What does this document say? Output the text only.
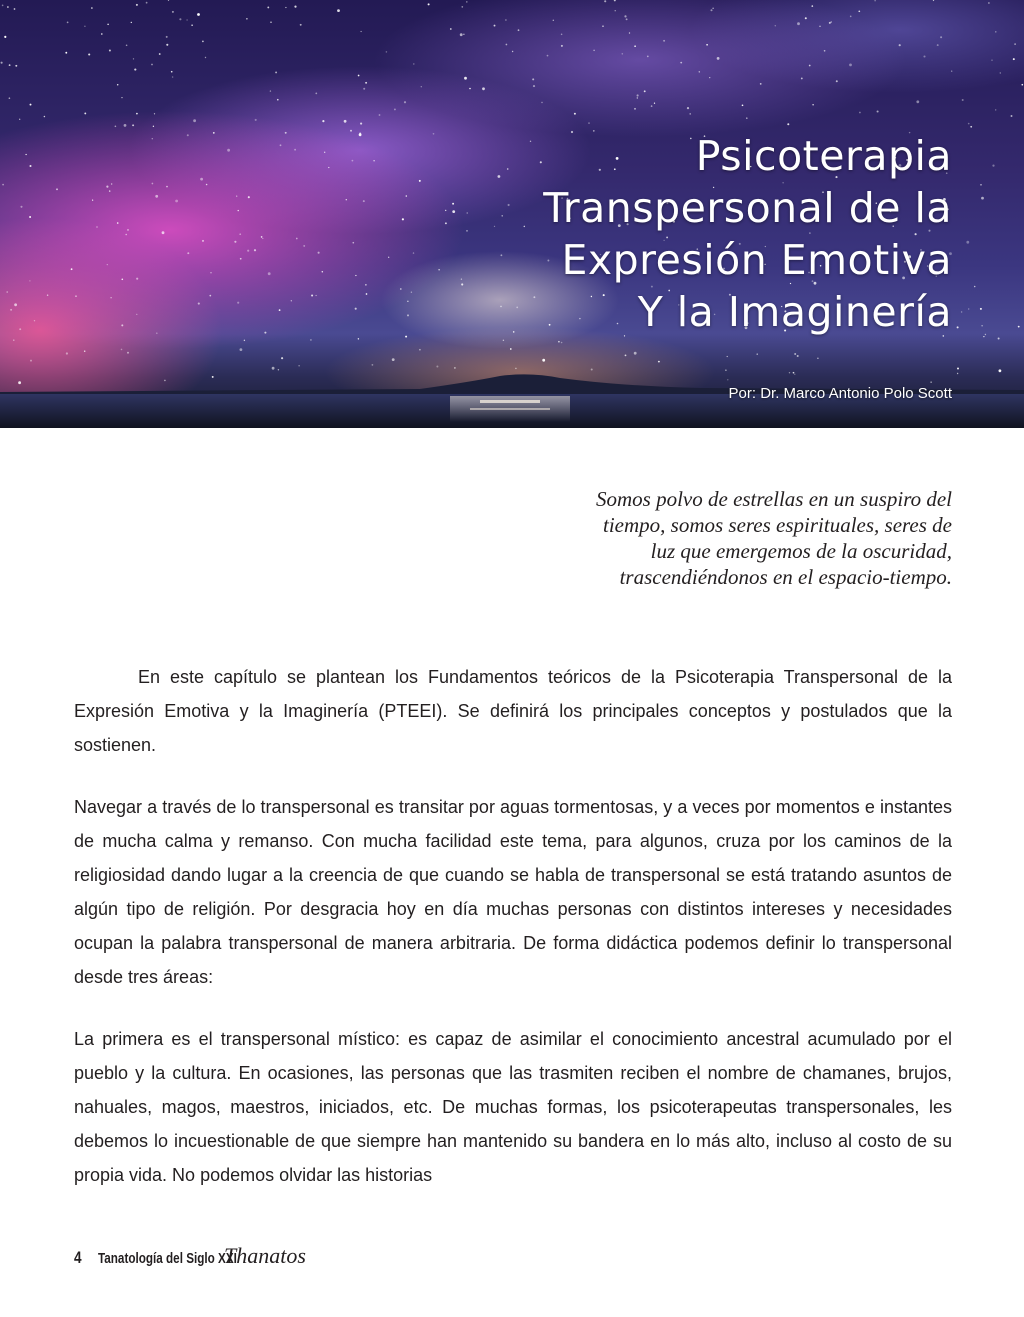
Psicoterapia
Transpersonal de la
Expresión Emotiva
Y la Imaginería
Por: Dr. Marco Antonio Polo Scott
Somos polvo de estrellas en un suspiro del
tiempo, somos seres espirituales, seres de
luz que emergemos de la oscuridad,
trascendiéndonos en el espacio-tiempo.

En este capítulo se plantean los Fundamentos teóricos de la Psicoterapia Transpersonal de la Expresión Emotiva y la Imaginería (PTEEI). Se definirá los principales conceptos y postulados que la sostienen.

Navegar a través de lo transpersonal es transitar por aguas tormentosas, y a veces por momentos e instantes de mucha calma y remanso. Con mucha facilidad este tema, para algunos, cruza por los caminos de la religiosidad dando lugar a la creencia de que cuando se habla de transpersonal se está tratando asuntos de algún tipo de religión. Por desgracia hoy en día muchas personas con distintos intereses y necesidades ocupan la palabra transpersonal de manera arbitraria. De forma didáctica podemos definir lo transpersonal desde tres áreas:

La primera es el transpersonal místico: es capaz de asimilar el conocimiento ancestral acumulado por el pueblo y la cultura. En ocasiones, las personas que las trasmiten reciben el nombre de chamanes, brujos, nahuales, magos, maestros, iniciados, etc. De muchas formas, los psicoterapeutas transpersonales, les debemos lo incuestionable de que siempre han mantenido su bandera en lo más alto, incluso al costo de su propia vida. No podemos olvidar las historias

4	Tanatología del Siglo XXI
Thanatos
